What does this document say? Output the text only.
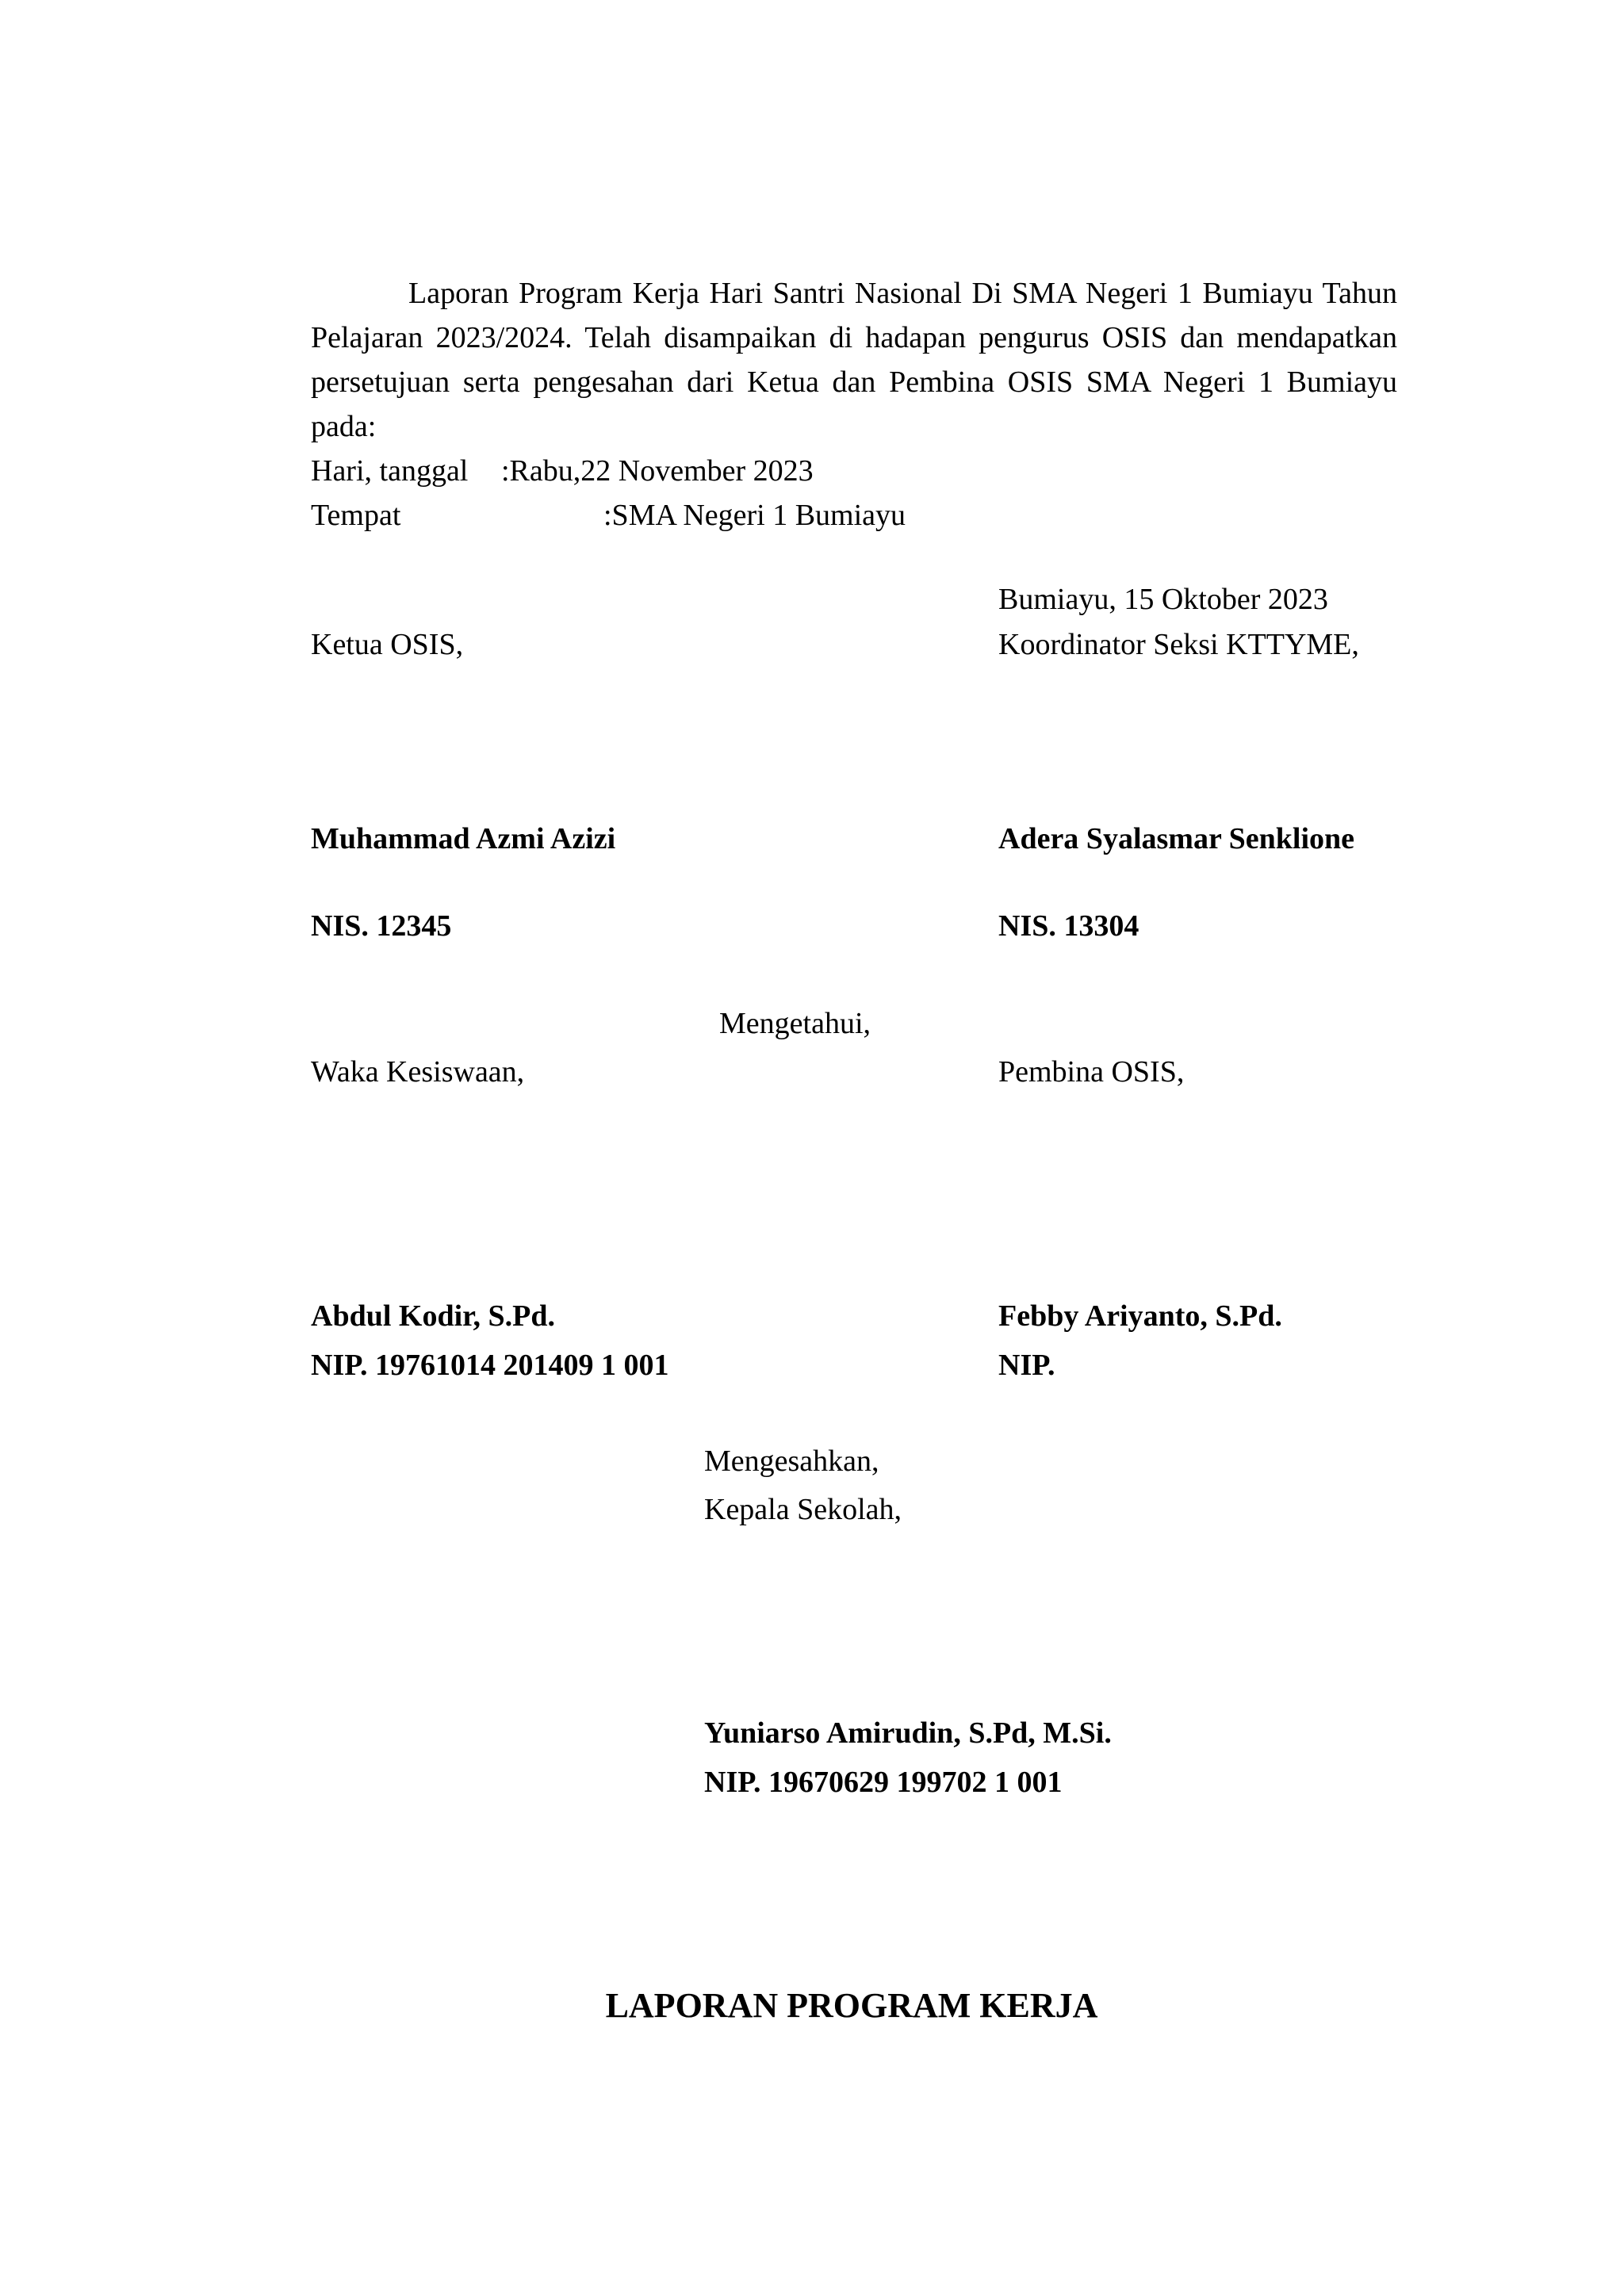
Laporan Program Kerja Hari Santri Nasional Di SMA Negeri 1 Bumiayu Tahun Pelajaran 2023/2024. Telah disampaikan di hadapan pengurus OSIS dan mendapatkan persetujuan serta pengesahan dari Ketua dan Pembina OSIS SMA Negeri 1 Bumiayu pada:

Hari, tanggal :Rabu,22 November 2023
Tempat	:SMA Negeri 1 Bumiayu
Bumiayu, 15 Oktober 2023
Ketua OSIS,	Koordinator Seksi KTTYME,
Muhammad Azmi Azizi	Adera Syalasmar Senklione
NIS. 12345	NIS. 13304
Mengetahui,
Waka Kesiswaan,	Pembina OSIS,
Abdul Kodir, S.Pd.	Febby Ariyanto, S.Pd.
NIP. 19761014 201409 1 001	NIP.
Mengesahkan,
Kepala Sekolah,
Yuniarso Amirudin, S.Pd, M.Si.
NIP. 19670629 199702 1 001
LAPORAN PROGRAM KERJA
